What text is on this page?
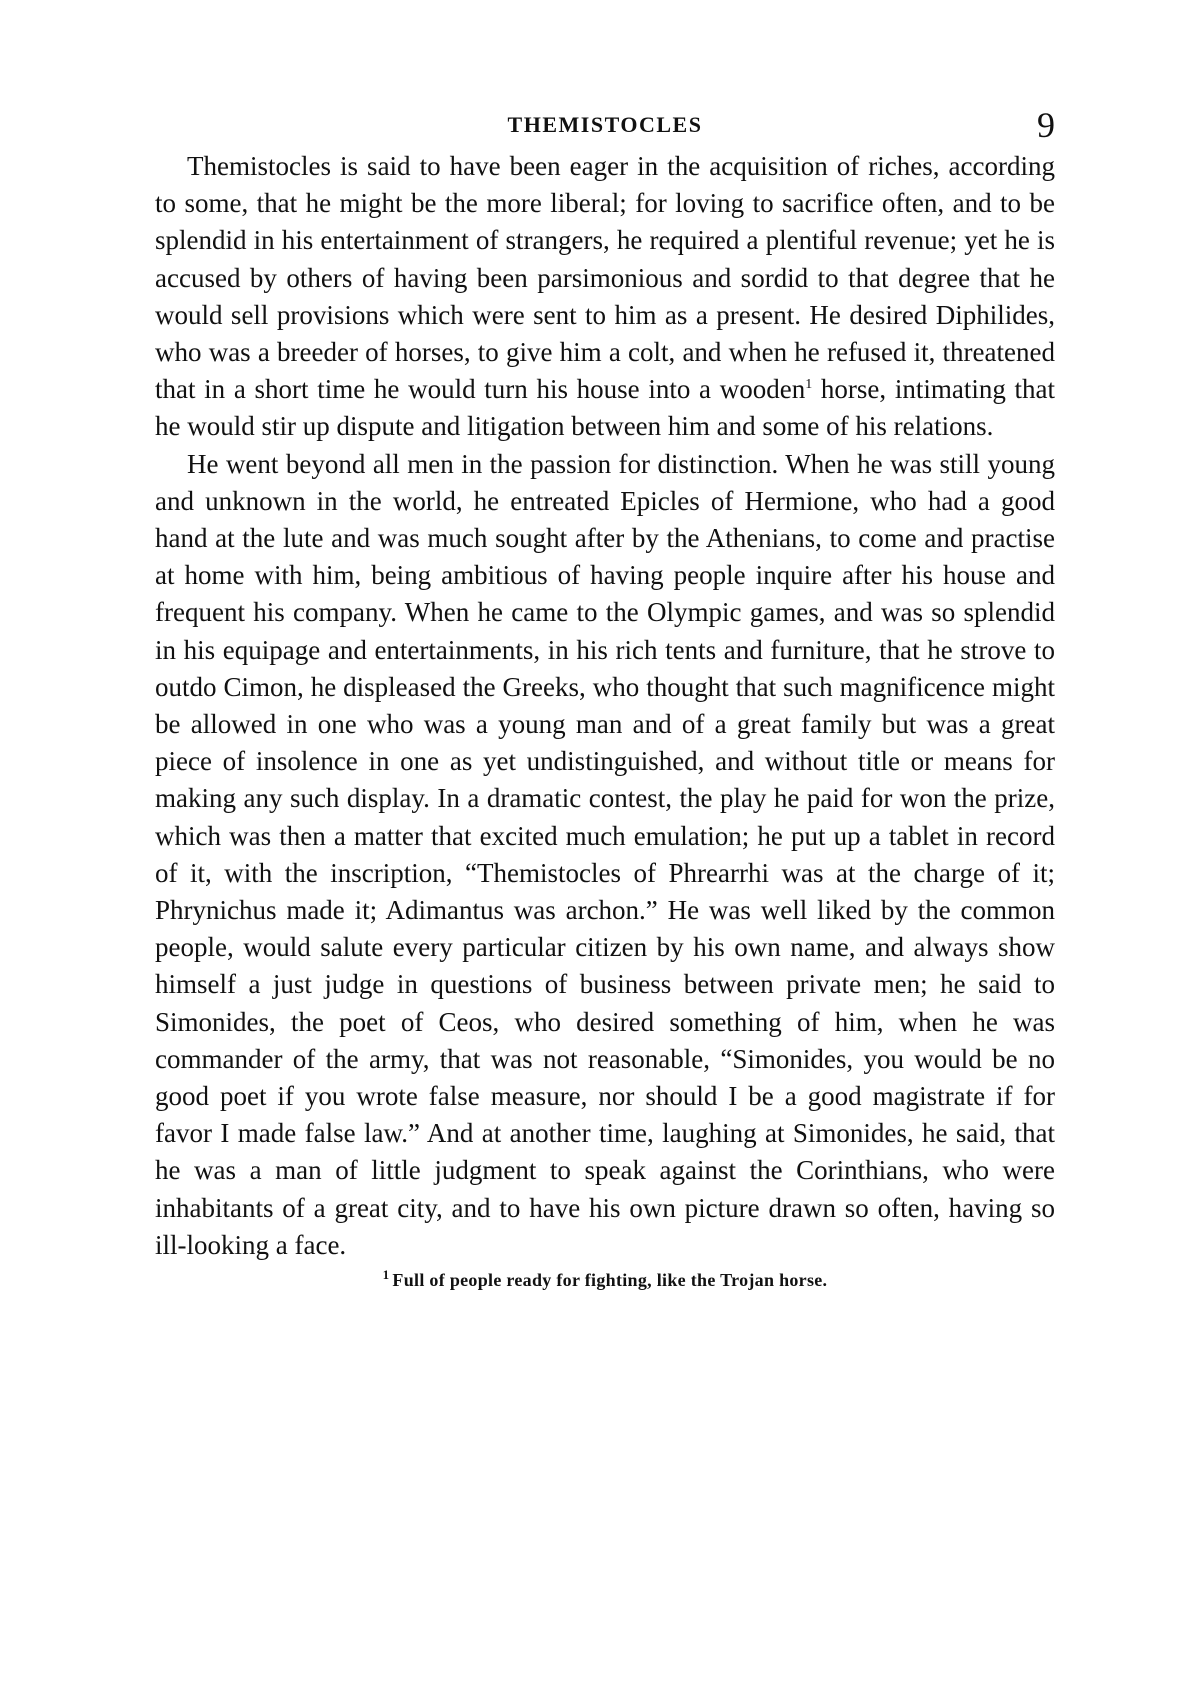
THEMISTOCLES	9

Themistocles is said to have been eager in the acquisition of riches, according to some, that he might be the more liberal; for loving to sacrifice often, and to be splendid in his entertainment of strangers, he required a plentiful revenue; yet he is accused by others of having been parsimonious and sordid to that degree that he would sell provisions which were sent to him as a present. He desired Diphilides, who was a breeder of horses, to give him a colt, and when he refused it, threatened that in a short time he would turn his house into a wooden$^1$ horse, intimating that he would stir up dispute and litigation between him and some of his relations.

He went beyond all men in the passion for distinction. When he was still young and unknown in the world, he entreated Epicles of Hermione, who had a good hand at the lute and was much sought after by the Athenians, to come and practise at home with him, being ambitious of having people inquire after his house and frequent his company. When he came to the Olympic games, and was so splendid in his equipage and entertainments, in his rich tents and furniture, that he strove to outdo Cimon, he displeased the Greeks, who thought that such magnificence might be allowed in one who was a young man and of a great family but was a great piece of insolence in one as yet undistinguished, and without title or means for making any such display. In a dramatic contest, the play he paid for won the prize, which was then a matter that excited much emulation; he put up a tablet in record of it, with the inscription, “Themistocles of Phrearrhi was at the charge of it; Phrynichus made it; Adimantus was archon.” He was well liked by the common people, would salute every particular citizen by his own name, and always show himself a just judge in questions of business between private men; he said to Simonides, the poet of Ceos, who desired something of him, when he was commander of the army, that was not reasonable, “Simonides, you would be no good poet if you wrote false measure, nor should I be a good magistrate if for favor I made false law.” And at another time, laughing at Simonides, he said, that he was a man of little judgment to speak against the Corinthians, who were inhabitants of a great city, and to have his own picture drawn so often, having so ill-looking a face.

$^1$ Full of people ready for fighting, like the Trojan horse.
